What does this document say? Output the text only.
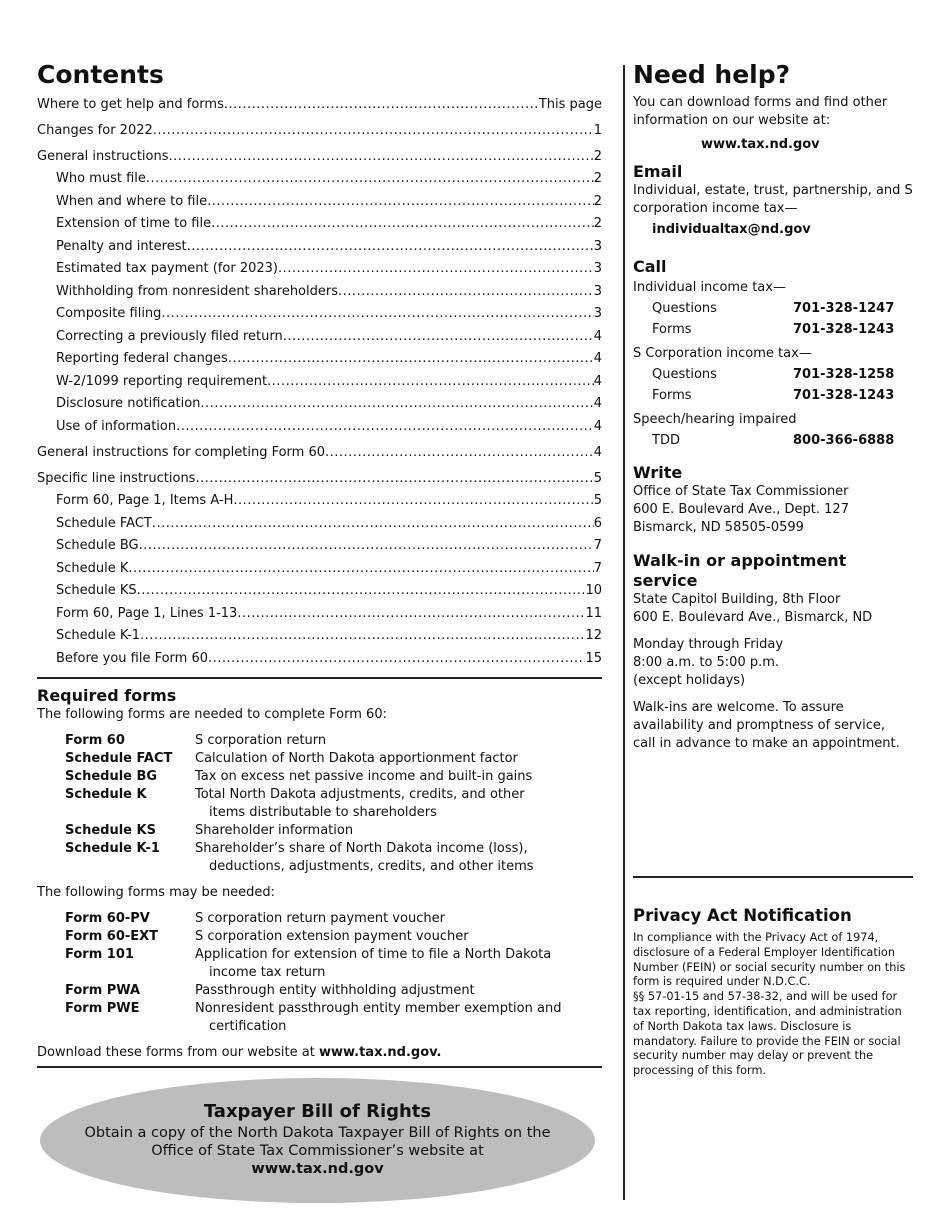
Contents
Where to get help and forms .....	This page
Changes for 2022 .....	1
General instructions .....	2
Who must file .....	2
When and where to file .....	2
Extension of time to file .....	2
Penalty and interest .....	3
Estimated tax payment (for 2023) .....	3
Withholding from nonresident shareholders .....	3
Composite filing .....	3
Correcting a previously filed return .....	4
Reporting federal changes .....	4
W-2/1099 reporting requirement .....	4
Disclosure notification .....	4
Use of information .....	4
General instructions for completing Form 60 .....	4
Specific line instructions .....	5
Form 60, Page 1, Items A-H .....	5
Schedule FACT .....	6
Schedule BG .....	7
Schedule K .....	7
Schedule KS .....	10
Form 60, Page 1, Lines 1-13 .....	11
Schedule K-1 .....	12
Before you file Form 60 .....	15
Required forms
The following forms are needed to complete Form 60:
Form 60	S corporation return
Schedule FACT	Calculation of North Dakota apportionment factor
Schedule BG	Tax on excess net passive income and built-in gains
Schedule K	Total North Dakota adjustments, credits, and other
items distributable to shareholders
Schedule KS	Shareholder information
Schedule K-1	Shareholder’s share of North Dakota income (loss),
deductions, adjustments, credits, and other items
The following forms may be needed:
Form 60-PV	S corporation return payment voucher
Form 60-EXT	S corporation extension payment voucher
Form 101	Application for extension of time to file a North Dakota
income tax return
Form PWA	Passthrough entity withholding adjustment
Form PWE	Nonresident passthrough entity member exemption and
certification
Download these forms from our website at www.tax.nd.gov.
Taxpayer Bill of Rights
Obtain a copy of the North Dakota Taxpayer Bill of Rights on the Office of State Tax Commissioner’s website at
www.tax.nd.gov
Need help?
You can download forms and find other information on our website at:
www.tax.nd.gov
Email
Individual, estate, trust, partnership, and S corporation income tax—
individualtax@nd.gov
Call
Individual income tax—
Questions	701-328-1247
Forms	701-328-1243
S Corporation income tax—
Questions	701-328-1258
Forms	701-328-1243
Speech/hearing impaired
TDD	800-366-6888
Write
Office of State Tax Commissioner
600 E. Boulevard Ave., Dept. 127
Bismarck, ND 58505-0599
Walk-in or appointment service
State Capitol Building, 8th Floor
600 E. Boulevard Ave., Bismarck, ND
Monday through Friday
8:00 a.m. to 5:00 p.m.
(except holidays)
Walk-ins are welcome. To assure availability and promptness of service, call in advance to make an appointment.
Privacy Act Notification
In compliance with the Privacy Act of 1974, disclosure of a Federal Employer Identification Number (FEIN) or social security number on this form is required under N.D.C.C.
§§ 57-01-15 and 57-38-32, and will be used for tax reporting, identification, and administration of North Dakota tax laws. Disclosure is mandatory. Failure to provide the FEIN or social security number may delay or prevent the processing of this form.
